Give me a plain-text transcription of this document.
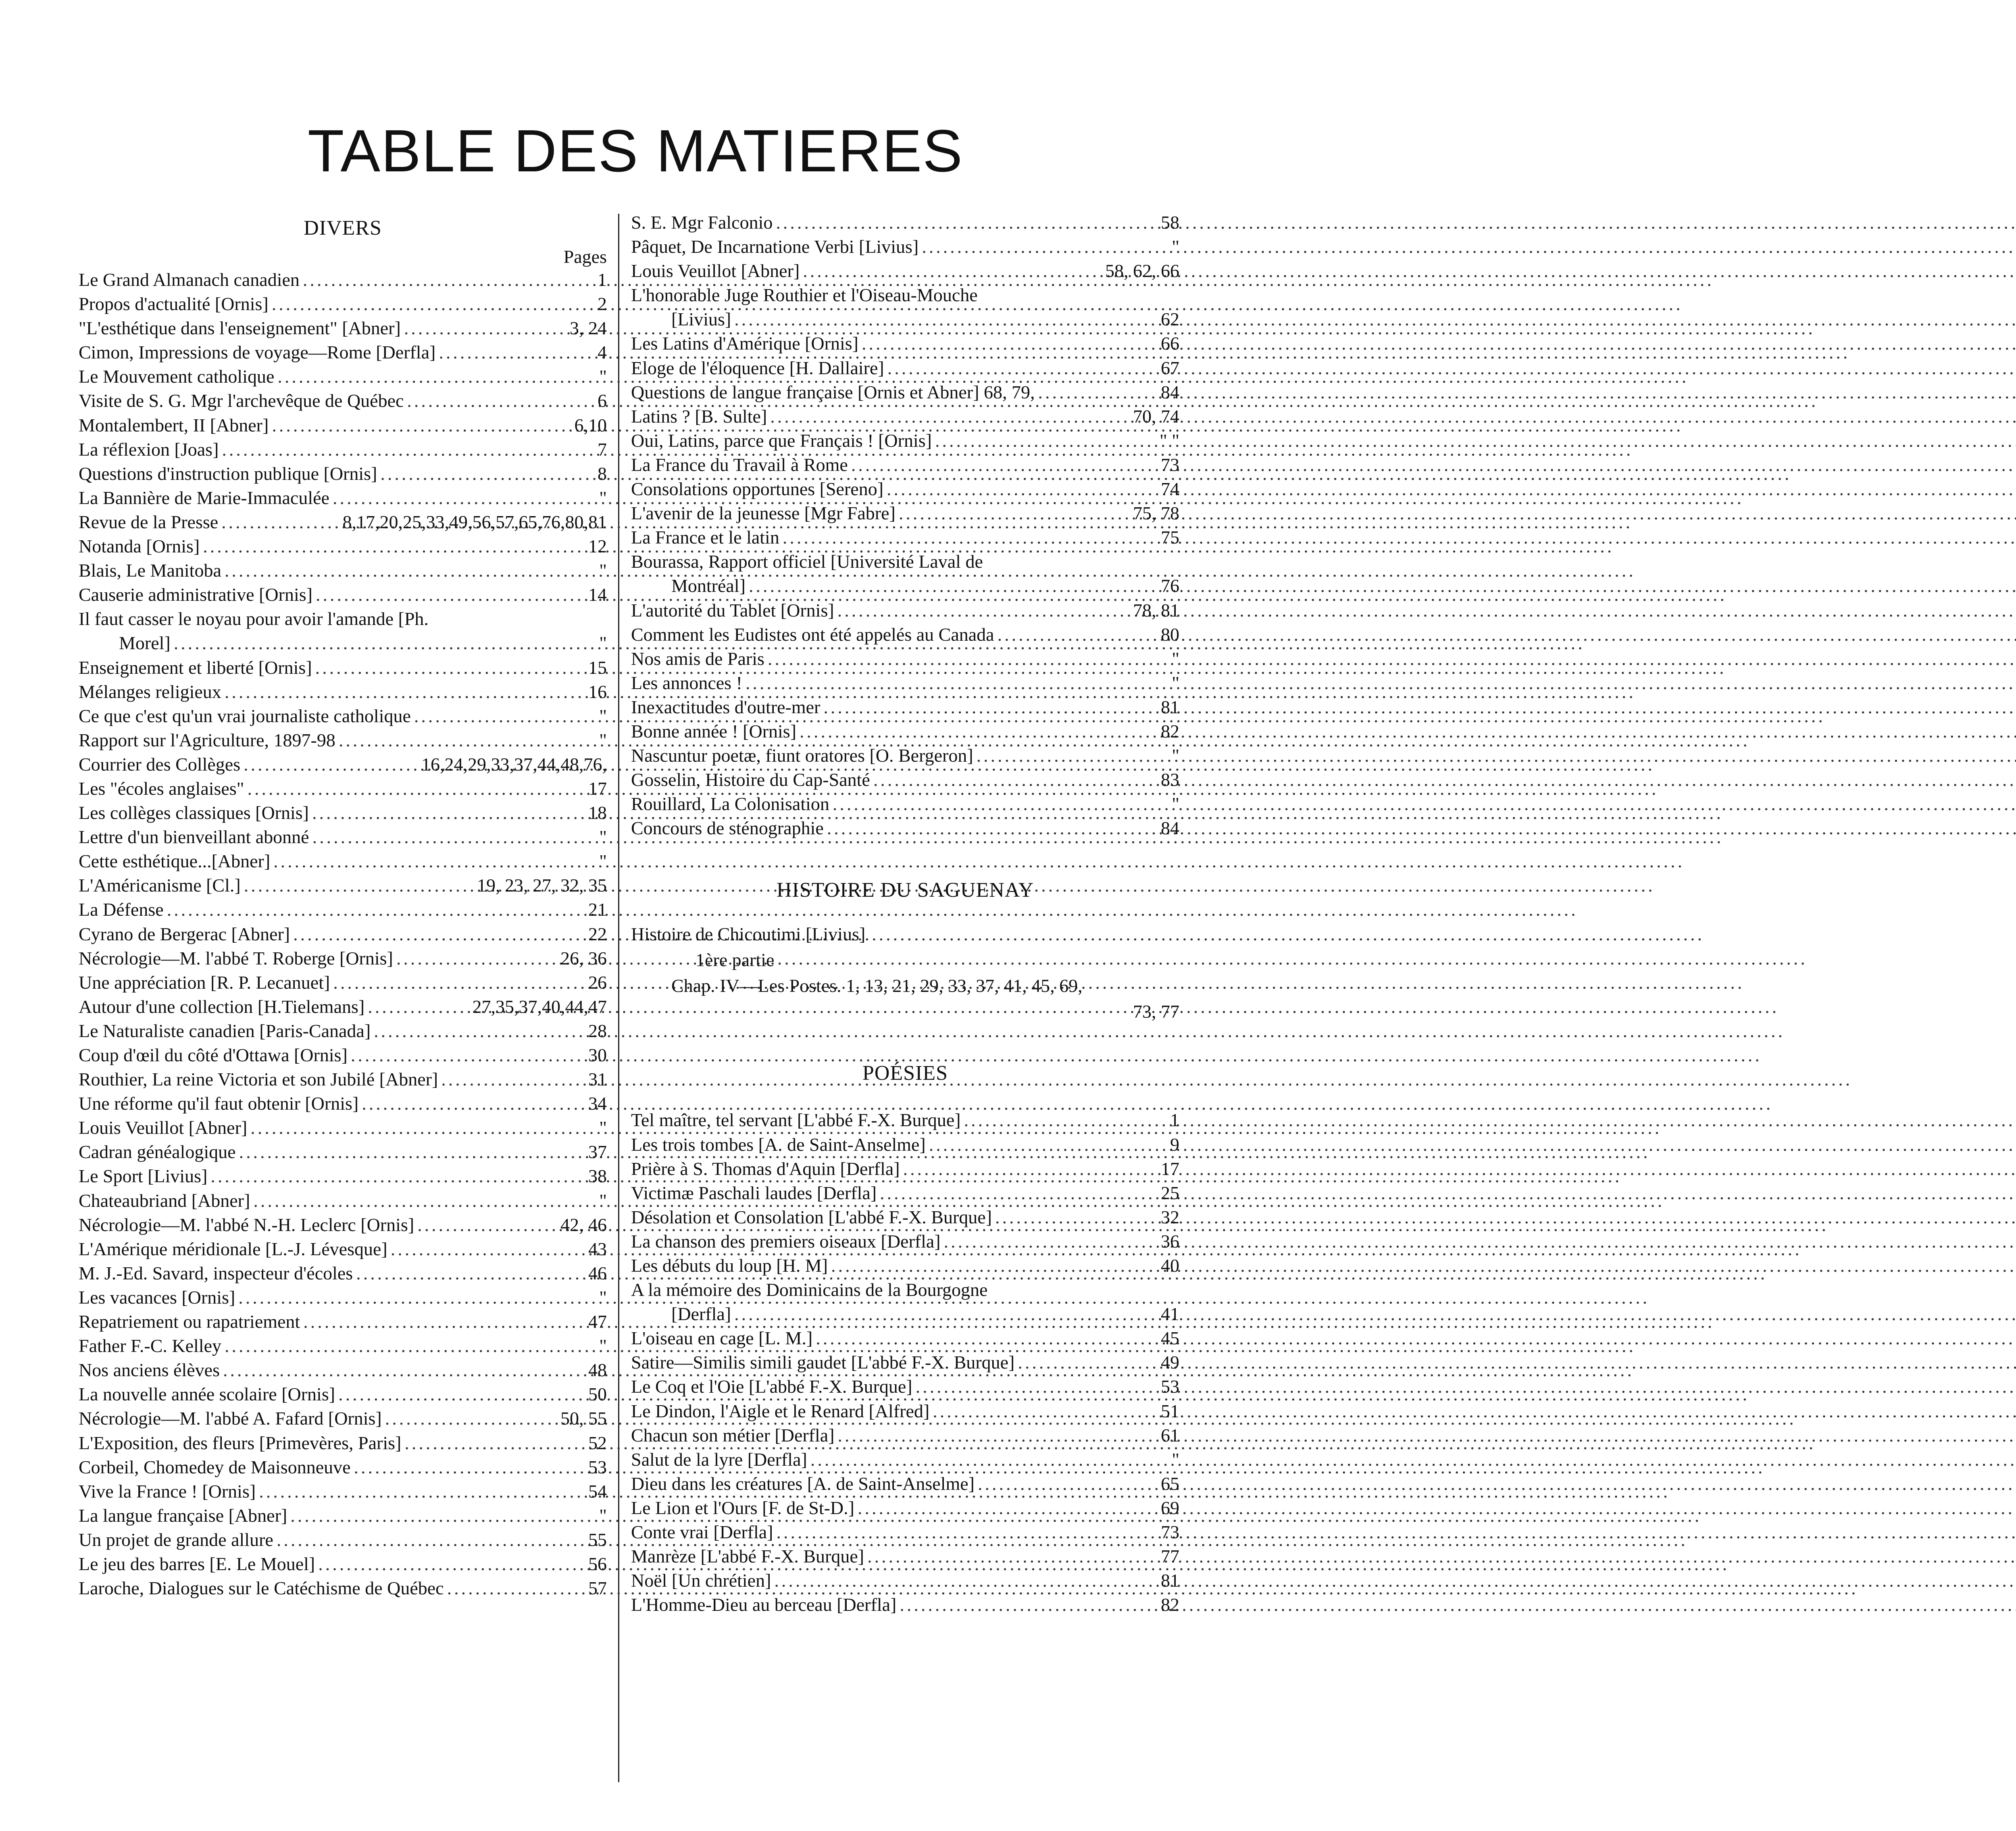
TABLE DES MATIERES
DIVERS
Pages
Le Grand Almanach canadien .....	1
Propos d'actualité [Ornis] .....	2
"L'esthétique dans l'enseignement" [Abner] .....	3, 24
Cimon, Impressions de voyage—Rome [Derfla] .....	4
Le Mouvement catholique .....	"
Visite de S. G. Mgr l'archevêque de Québec .....	6
Montalembert, II [Abner] .....	6,10
La réflexion [Joas] .....	7
Questions d'instruction publique [Ornis] .....	8
La Bannière de Marie-Immaculée .....	"
Revue de la Presse .....	8,17,20,25,33,49,56,57,65,76,80,81
Notanda [Ornis] .....	12
Blais, Le Manitoba .....	"
Causerie administrative [Ornis] .....	14
Il faut casser le noyau pour avoir l'amande [Ph.
Morel] .....	"
Enseignement et liberté [Ornis] .....	15
Mélanges religieux .....	16
Ce que c'est qu'un vrai journaliste catholique .....	"
Rapport sur l'Agriculture, 1897-98 .....	"
Courrier des Collèges .....	16,24,29,33,37,44,48,76,
Les "écoles anglaises" .....	17
Les collèges classiques [Ornis] .....	18
Lettre d'un bienveillant abonné .....	"
Cette esthétique...[Abner] .....	"
L'Américanisme [Cl.] .....	19, 23, 27, 32, 35
La Défense .....	21
Cyrano de Bergerac [Abner] .....	22
Nécrologie—M. l'abbé T. Roberge [Ornis] .....	26, 36
Une appréciation [R. P. Lecanuet] .....	26
Autour d'une collection [H.Tielemans] .....	27,35,37,40,44,47
Le Naturaliste canadien [Paris-Canada] .....	28
Coup d'œil du côté d'Ottawa [Ornis] .....	30
Routhier, La reine Victoria et son Jubilé [Abner] .....	31
Une réforme qu'il faut obtenir [Ornis] .....	34
Louis Veuillot [Abner] .....	"
Cadran généalogique .....	37
Le Sport [Livius] .....	38
Chateaubriand [Abner] .....	"
Nécrologie—M. l'abbé N.-H. Leclerc [Ornis] .....	42, 46
L'Amérique méridionale [L.-J. Lévesque] .....	43
M. J.-Ed. Savard, inspecteur d'écoles .....	46
Les vacances [Ornis] .....	"
Repatriement ou rapatriement .....	47
Father F.-C. Kelley .....	"
Nos anciens élèves .....	48
La nouvelle année scolaire [Ornis] .....	50
Nécrologie—M. l'abbé A. Fafard [Ornis] .....	50, 55
L'Exposition, des fleurs [Primevères, Paris] .....	52
Corbeil, Chomedey de Maisonneuve .....	53
Vive la France ! [Ornis] .....	54
La langue française [Abner] .....	"
Un projet de grande allure .....	55
Le jeu des barres [E. Le Mouel] .....	56
Laroche, Dialogues sur le Catéchisme de Québec .....	57
S. E. Mgr Falconio .....	58
Pâquet, De Incarnatione Verbi [Livius] .....	"
Louis Veuillot [Abner] .....	58, 62, 66
L'honorable Juge Routhier et l'Oiseau-Mouche
[Livius] .....	62
Les Latins d'Amérique [Ornis] .....	66
Eloge de l'éloquence [H. Dallaire] .....	67
Questions de langue française [Ornis et Abner] 68, 79, .....	84
Latins ? [B. Sulte] .....	70, 74
Oui, Latins, parce que Français ! [Ornis] .....	" "
La France du Travail à Rome .....	73
Consolations opportunes [Sereno] .....	74
L'avenir de la jeunesse [Mgr Fabre] .....	75, 78
La France et le latin .....	75
Bourassa, Rapport officiel [Université Laval de
Montréal] .....	76
L'autorité du Tablet [Ornis] .....	78, 81
Comment les Eudistes ont été appelés au Canada .....	80
Nos amis de Paris .....	"
Les annonces ! .....	"
Inexactitudes d'outre-mer .....	81
Bonne année ! [Ornis] .....	82
Nascuntur poetæ, fiunt oratores [O. Bergeron] .....	"
Gosselin, Histoire du Cap-Santé .....	83
Rouillard, La Colonisation .....	"
Concours de sténographie .....	84
HISTOIRE DU SAGUENAY
Histoire de Chicoutimi [Livius]
1ère partie
Chap. IV—Les Postes. 1, 13, 21, 29, 33, 37, 41, 45, 69,
73, 77
POÉSIES
Tel maître, tel servant [L'abbé F.-X. Burque] .....	1
Les trois tombes [A. de Saint-Anselme] .....	9
Prière à S. Thomas d'Aquin [Derfla] .....	17
Victimæ Paschali laudes [Derfla] .....	25
Désolation et Consolation [L'abbé F.-X. Burque] .....	32
La chanson des premiers oiseaux [Derfla] .....	36
Les débuts du loup [H. M] .....	40
A la mémoire des Dominicains de la Bourgogne
[Derfla] .....	41
L'oiseau en cage [L. M.] .....	45
Satire—Similis simili gaudet [L'abbé F.-X. Burque] .....	49
Le Coq et l'Oie [L'abbé F.-X. Burque] .....	53
Le Dindon, l'Aigle et le Renard [Alfred] .....	51
Chacun son métier [Derfla] .....	61
Salut de la lyre [Derfla] .....	"
Dieu dans les créatures [A. de Saint-Anselme] .....	65
Le Lion et l'Ours [F. de St-D.] .....	69
Conte vrai [Derfla] .....	73
Manrèze [L'abbé F.-X. Burque] .....	77
Noël [Un chrétien] .....	81
L'Homme-Dieu au berceau [Derfla] .....	82
